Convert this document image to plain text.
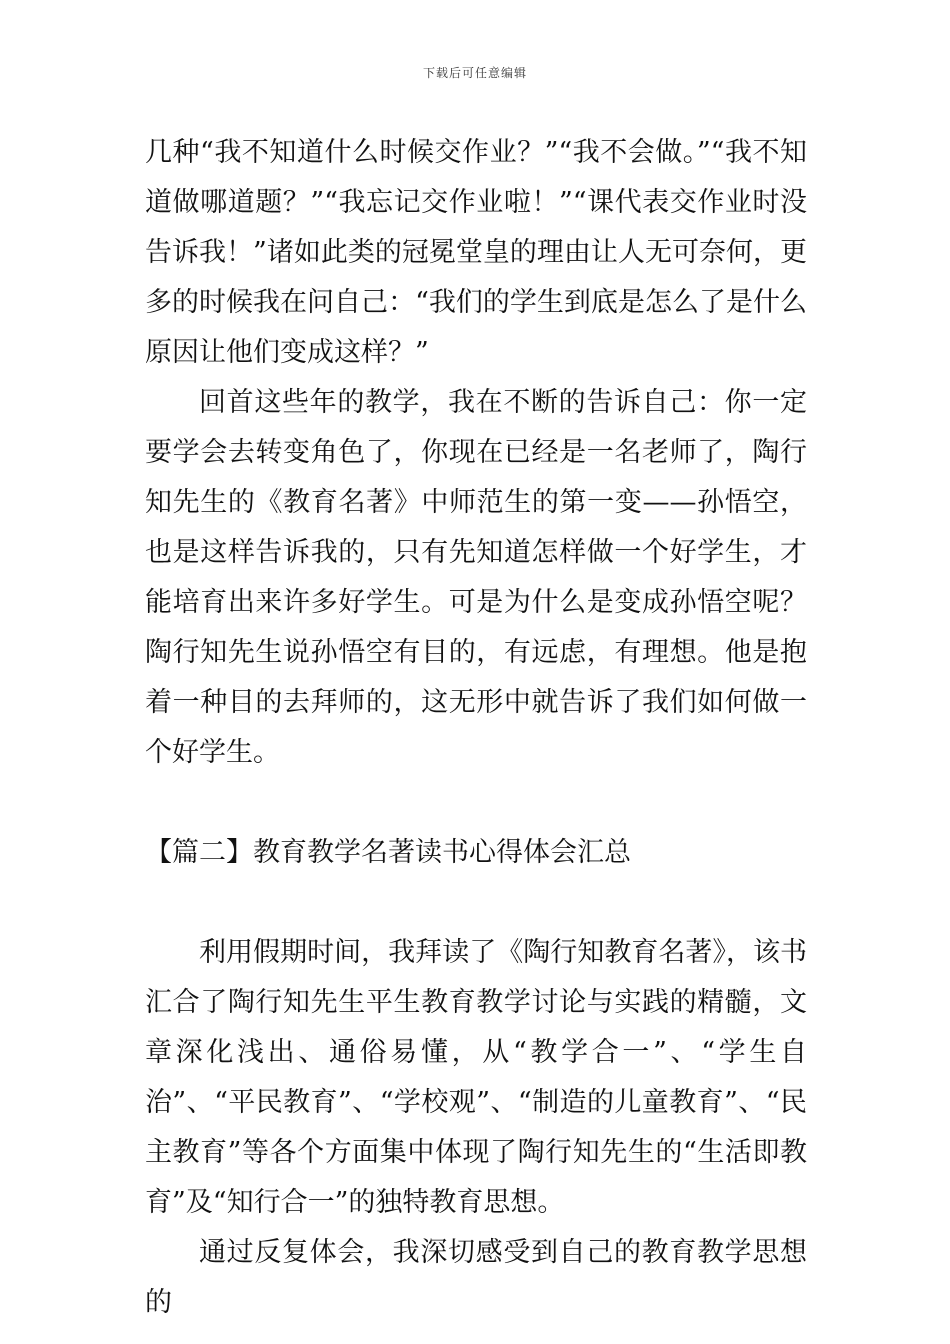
下载后可任意编辑

几种“我不知道什么时候交作业？”“我不会做。”“我不知道做哪道题？”“我忘记交作业啦！”“课代表交作业时没告诉我！”诸如此类的冠冕堂皇的理由让人无可奈何，更多的时候我在问自己：“我们的学生到底是怎么了是什么原因让他们变成这样？”

回首这些年的教学，我在不断的告诉自己：你一定要学会去转变角色了，你现在已经是一名老师了，陶行知先生的《教育名著》中师范生的第一变——孙悟空，也是这样告诉我的，只有先知道怎样做一个好学生，才能培育出来许多好学生。可是为什么是变成孙悟空呢？陶行知先生说孙悟空有目的，有远虑，有理想。他是抱着一种目的去拜师的，这无形中就告诉了我们如何做一个好学生。

【篇二】教育教学名著读书心得体会汇总

利用假期时间，我拜读了《陶行知教育名著》，该书汇合了陶行知先生平生教育教学讨论与实践的精髓，文章深化浅出、通俗易懂，从“教学合一”、“学生自治”、“平民教育”、“学校观”、“制造的儿童教育”、“民主教育”等各个方面集中体现了陶行知先生的“生活即教育”及“知行合一”的独特教育思想。

通过反复体会，我深切感受到自己的教育教学思想的
